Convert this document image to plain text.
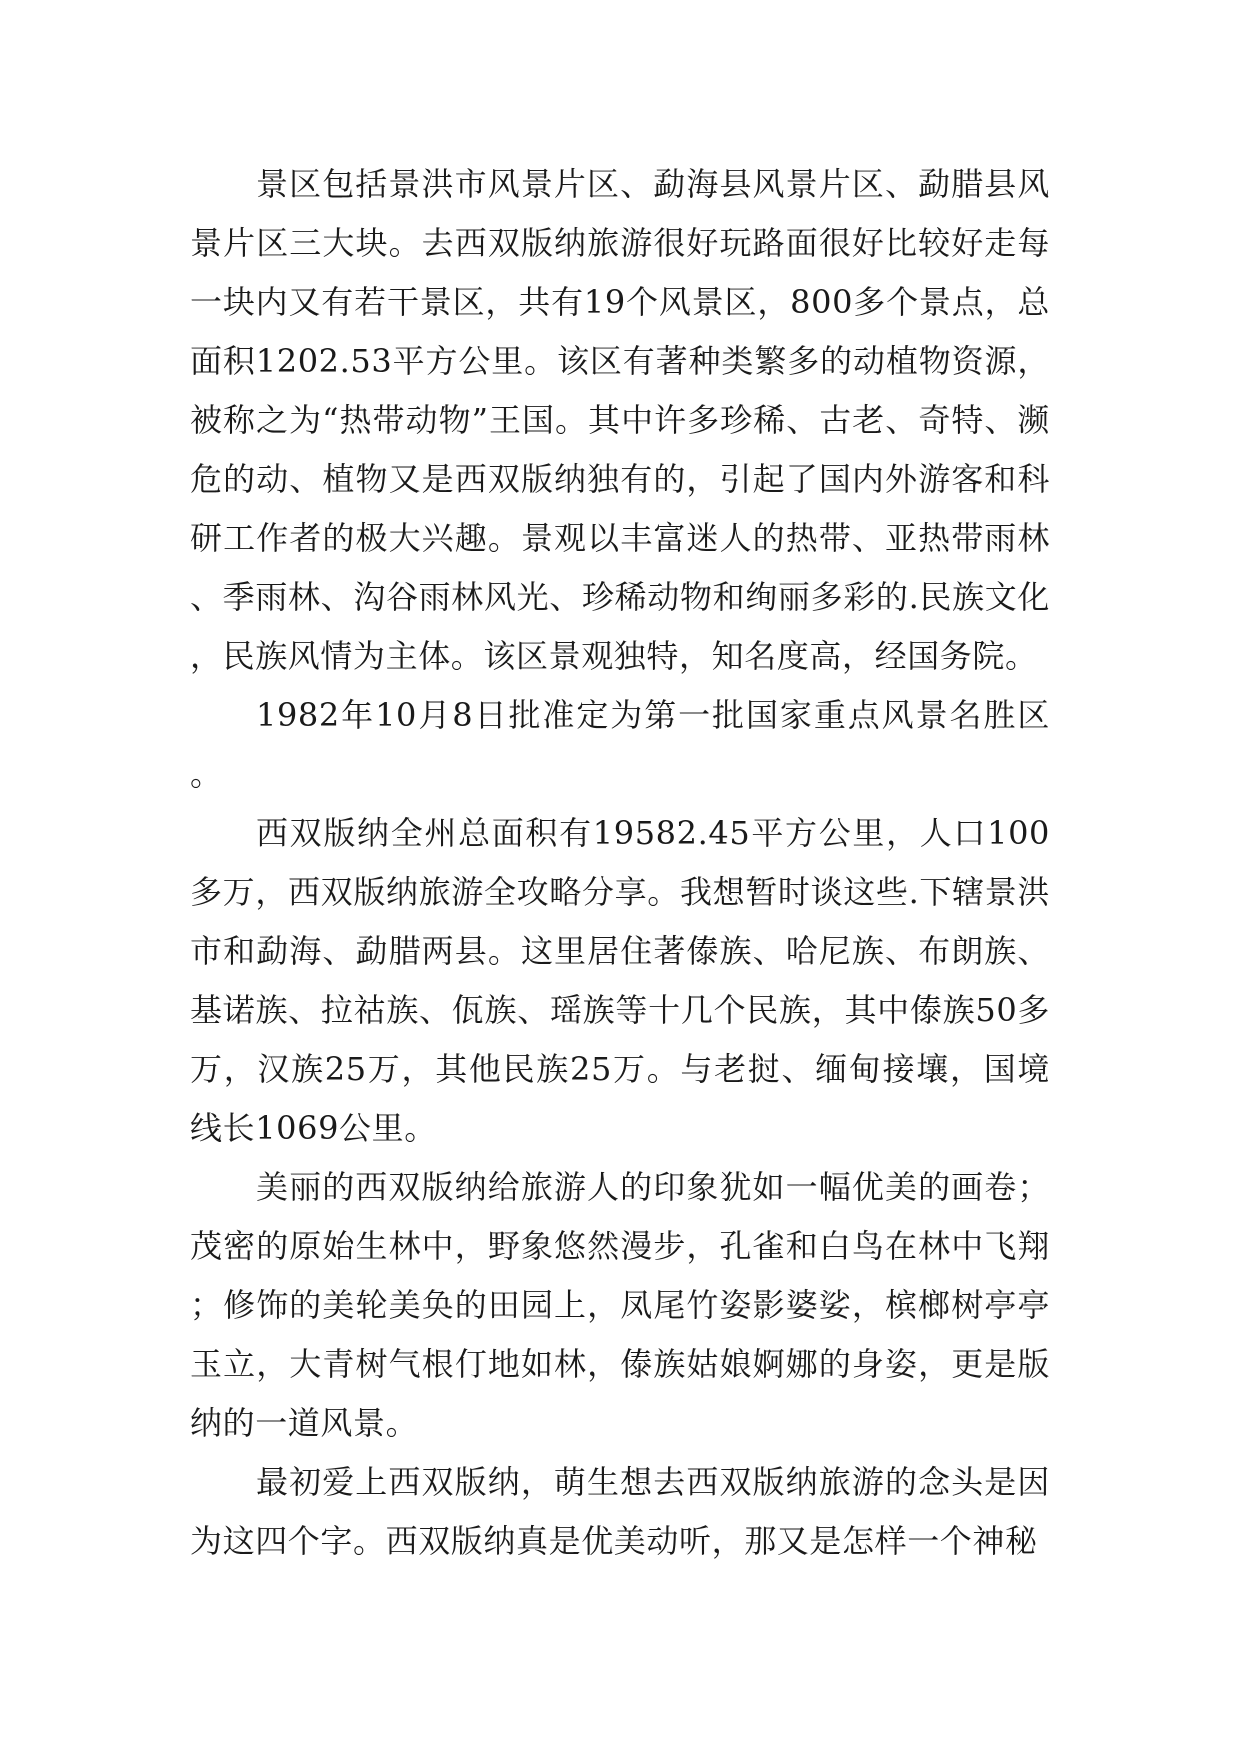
景区包括景洪市风景片区、勐海县风景片区、勐腊县风景片区三大块。去西双版纳旅游很好玩路面很好比较好走每一块内又有若干景区，共有19个风景区，800多个景点，总面积1202.53平方公里。该区有著种类繁多的动植物资源，被称之为“热带动物”王国。其中许多珍稀、古老、奇特、濒危的动、植物又是西双版纳独有的，引起了国内外游客和科研工作者的极大兴趣。景观以丰富迷人的热带、亚热带雨林、季雨林、沟谷雨林风光、珍稀动物和绚丽多彩的.民族文化，民族风情为主体。该区景观独特，知名度高，经国务院。

1982年10月8日批准定为第一批国家重点风景名胜区。

西双版纳全州总面积有19582.45平方公里，人口100多万，西双版纳旅游全攻略分享。我想暂时谈这些.下辖景洪市和勐海、勐腊两县。这里居住著傣族、哈尼族、布朗族、基诺族、拉祜族、佤族、瑶族等十几个民族，其中傣族50多万，汉族25万，其他民族25万。与老挝、缅甸接壤，国境线长1069公里。

美丽的西双版纳给旅游人的印象犹如一幅优美的画卷；茂密的原始生林中，野象悠然漫步，孔雀和白鸟在林中飞翔；修饰的美轮美奂的田园上，凤尾竹姿影婆娑，槟榔树亭亭玉立，大青树气根仃地如林，傣族姑娘婀娜的身姿，更是版纳的一道风景。

最初爱上西双版纳，萌生想去西双版纳旅游的念头是因为这四个字。西双版纳真是优美动听，那又是怎样一个神秘
